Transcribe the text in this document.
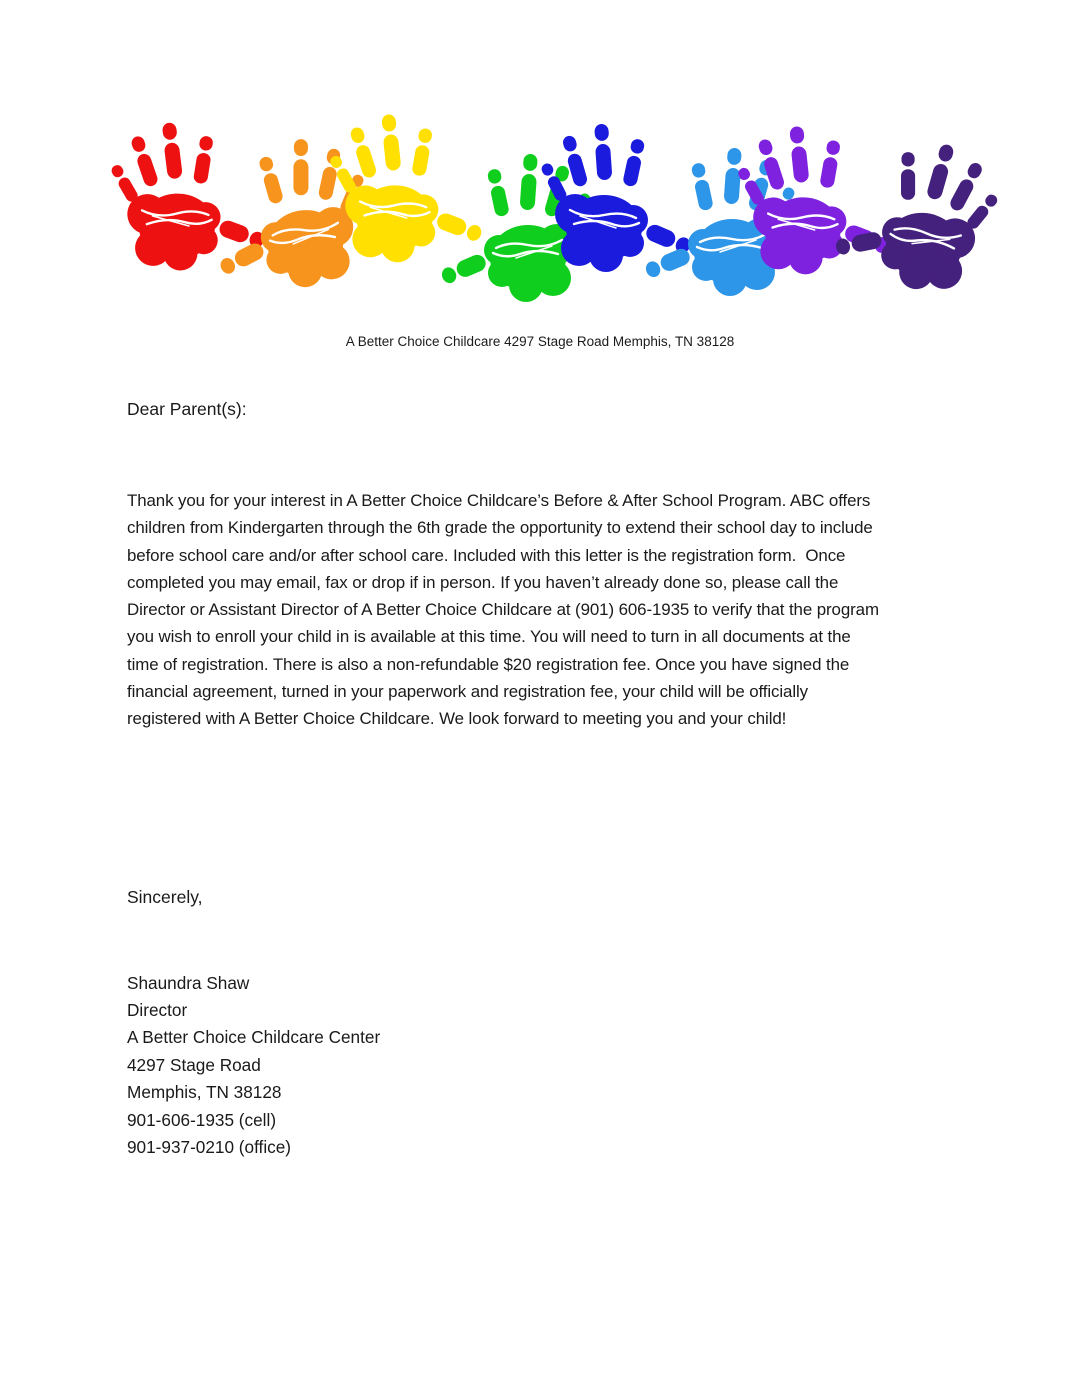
A Better Choice Childcare 4297 Stage Road Memphis, TN 38128
Dear Parent(s):
Thank you for your interest in A Better Choice Childcare’s Before & After School Program. ABC offers
children from Kindergarten through the 6th grade the opportunity to extend their school day to include
before school care and/or after school care. Included with this letter is the registration form.  Once
completed you may email, fax or drop if in person. If you haven’t already done so, please call the
Director or Assistant Director of A Better Choice Childcare at (901) 606-1935 to verify that the program
you wish to enroll your child in is available at this time. You will need to turn in all documents at the
time of registration. There is also a non-refundable $20 registration fee. Once you have signed the
financial agreement, turned in your paperwork and registration fee, your child will be officially
registered with A Better Choice Childcare. We look forward to meeting you and your child!
Sincerely,
Shaundra Shaw
Director
A Better Choice Childcare Center
4297 Stage Road
Memphis, TN 38128
901-606-1935 (cell)
901-937-0210 (office)
